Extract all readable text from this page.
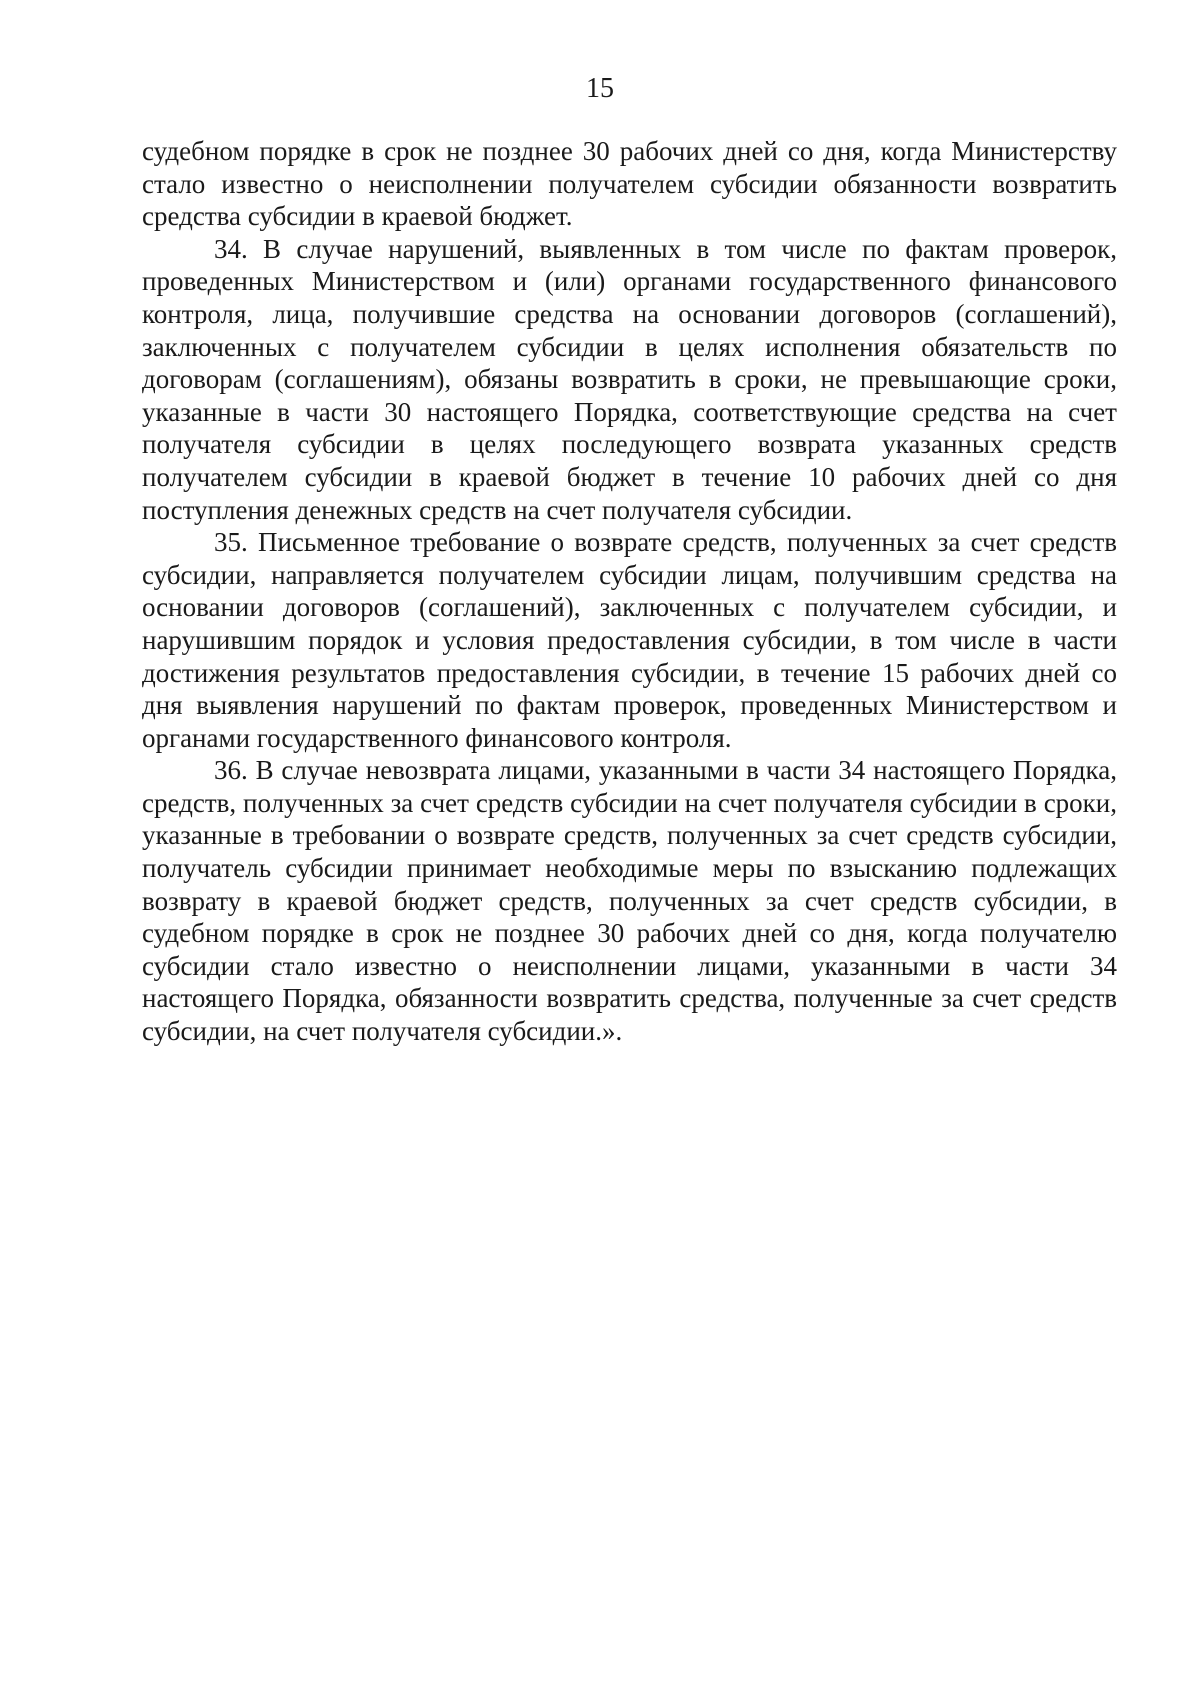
15

судебном порядке в срок не позднее 30 рабочих дней со дня, когда Министерству стало известно о неисполнении получателем субсидии обязанности возвратить средства субсидии в краевой бюджет.

34. В случае нарушений, выявленных в том числе по фактам проверок, проведенных Министерством и (или) органами государственного финансового контроля, лица, получившие средства на основании договоров (соглашений), заключенных с получателем субсидии в целях исполнения обязательств по договорам (соглашениям), обязаны возвратить в сроки, не превышающие сроки, указанные в части 30 настоящего Порядка, соответствующие средства на счет получателя субсидии в целях последующего возврата указанных средств получателем субсидии в краевой бюджет в течение 10 рабочих дней со дня поступления денежных средств на счет получателя субсидии.

35. Письменное требование о возврате средств, полученных за счет средств субсидии, направляется получателем субсидии лицам, получившим средства на основании договоров (соглашений), заключенных с получателем субсидии, и нарушившим порядок и условия предоставления субсидии, в том числе в части достижения результатов предоставления субсидии, в течение 15 рабочих дней со дня выявления нарушений по фактам проверок, проведенных Министерством и органами государственного финансового контроля.

36. В случае невозврата лицами, указанными в части 34 настоящего Порядка, средств, полученных за счет средств субсидии на счет получателя субсидии в сроки, указанные в требовании о возврате средств, полученных за счет средств субсидии, получатель субсидии принимает необходимые меры по взысканию подлежащих возврату в краевой бюджет средств, полученных за счет средств субсидии, в судебном порядке в срок не позднее 30 рабочих дней со дня, когда получателю субсидии стало известно о неисполнении лицами, указанными в части 34 настоящего Порядка, обязанности возвратить средства, полученные за счет средств субсидии, на счет получателя субсидии.».
